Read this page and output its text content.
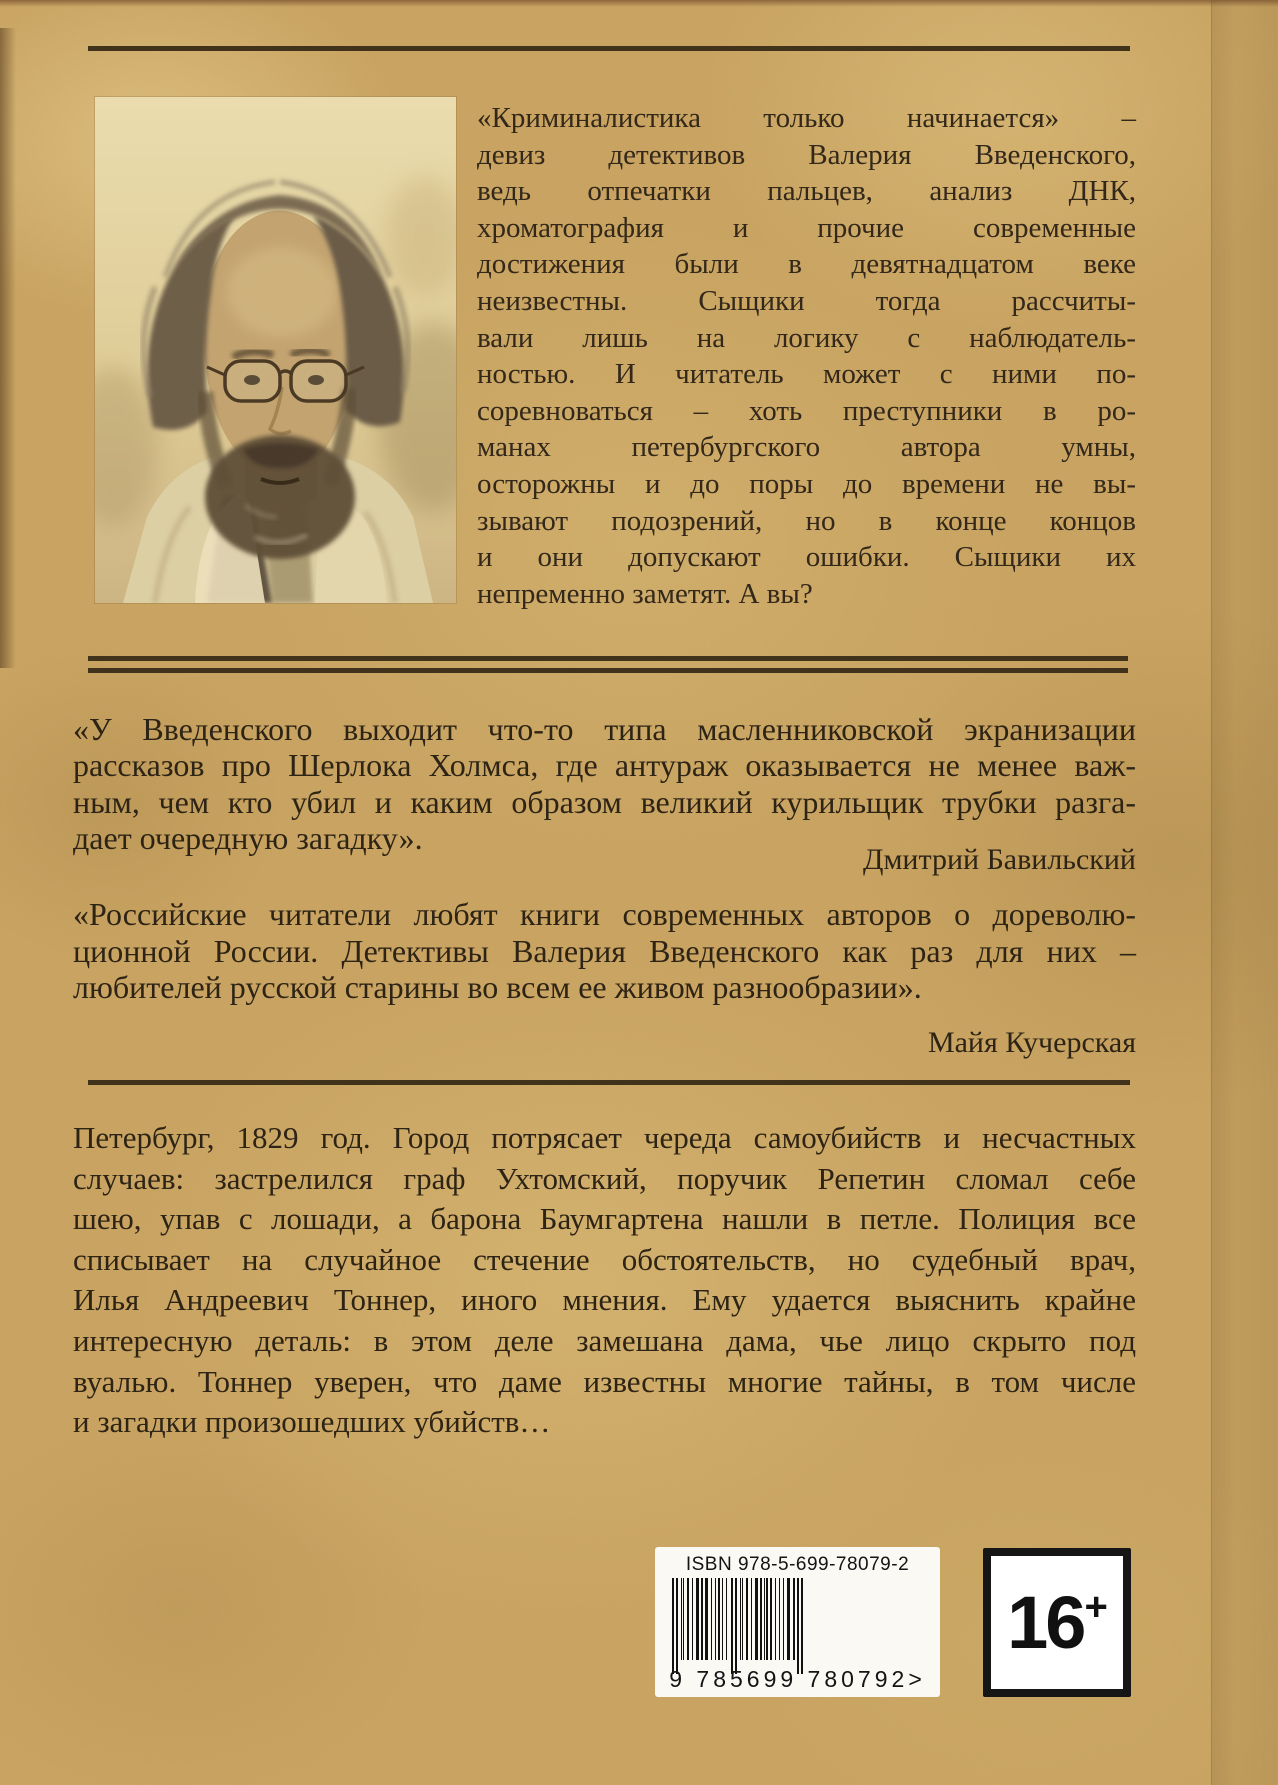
«Криминалистика только начинается» –
девиз детективов Валерия Введенского,
ведь отпечатки пальцев, анализ ДНК,
хроматография и прочие современные
достижения были в девятнадцатом веке
неизвестны. Сыщики тогда рассчиты-
вали лишь на логику с наблюдатель-
ностью. И читатель может с ними по-
соревноваться – хоть преступники в ро-
манах петербургского автора умны,
осторожны и до поры до времени не вы-
зывают подозрений, но в конце концов
и они допускают ошибки. Сыщики их
непременно заметят. А вы?
«У Введенского выходит что-то типа масленниковской экранизации
рассказов про Шерлока Холмса, где антураж оказывается не менее важ-
ным, чем кто убил и каким образом великий курильщик трубки разга-
дает очередную загадку».
Дмитрий Бавильский
«Российские читатели любят книги современных авторов о дореволю-
ционной России. Детективы Валерия Введенского как раз для них –
любителей русской старины во всем ее живом разнообразии».
Майя Кучерская
Петербург, 1829 год. Город потрясает череда самоубийств и несчастных
случаев: застрелился граф Ухтомский, поручик Репетин сломал себе
шею, упав с лошади, а барона Баумгартена нашли в петле. Полиция все
списывает на случайное стечение обстоятельств, но судебный врач,
Илья Андреевич Тоннер, иного мнения. Ему удается выяснить крайне
интересную деталь: в этом деле замешана дама, чье лицо скрыто под
вуалью. Тоннер уверен, что даме известны многие тайны, в том числе
и загадки произошедших убийств…
ISBN 978-5-699-78079-2
9 785699 780792>
16 +
